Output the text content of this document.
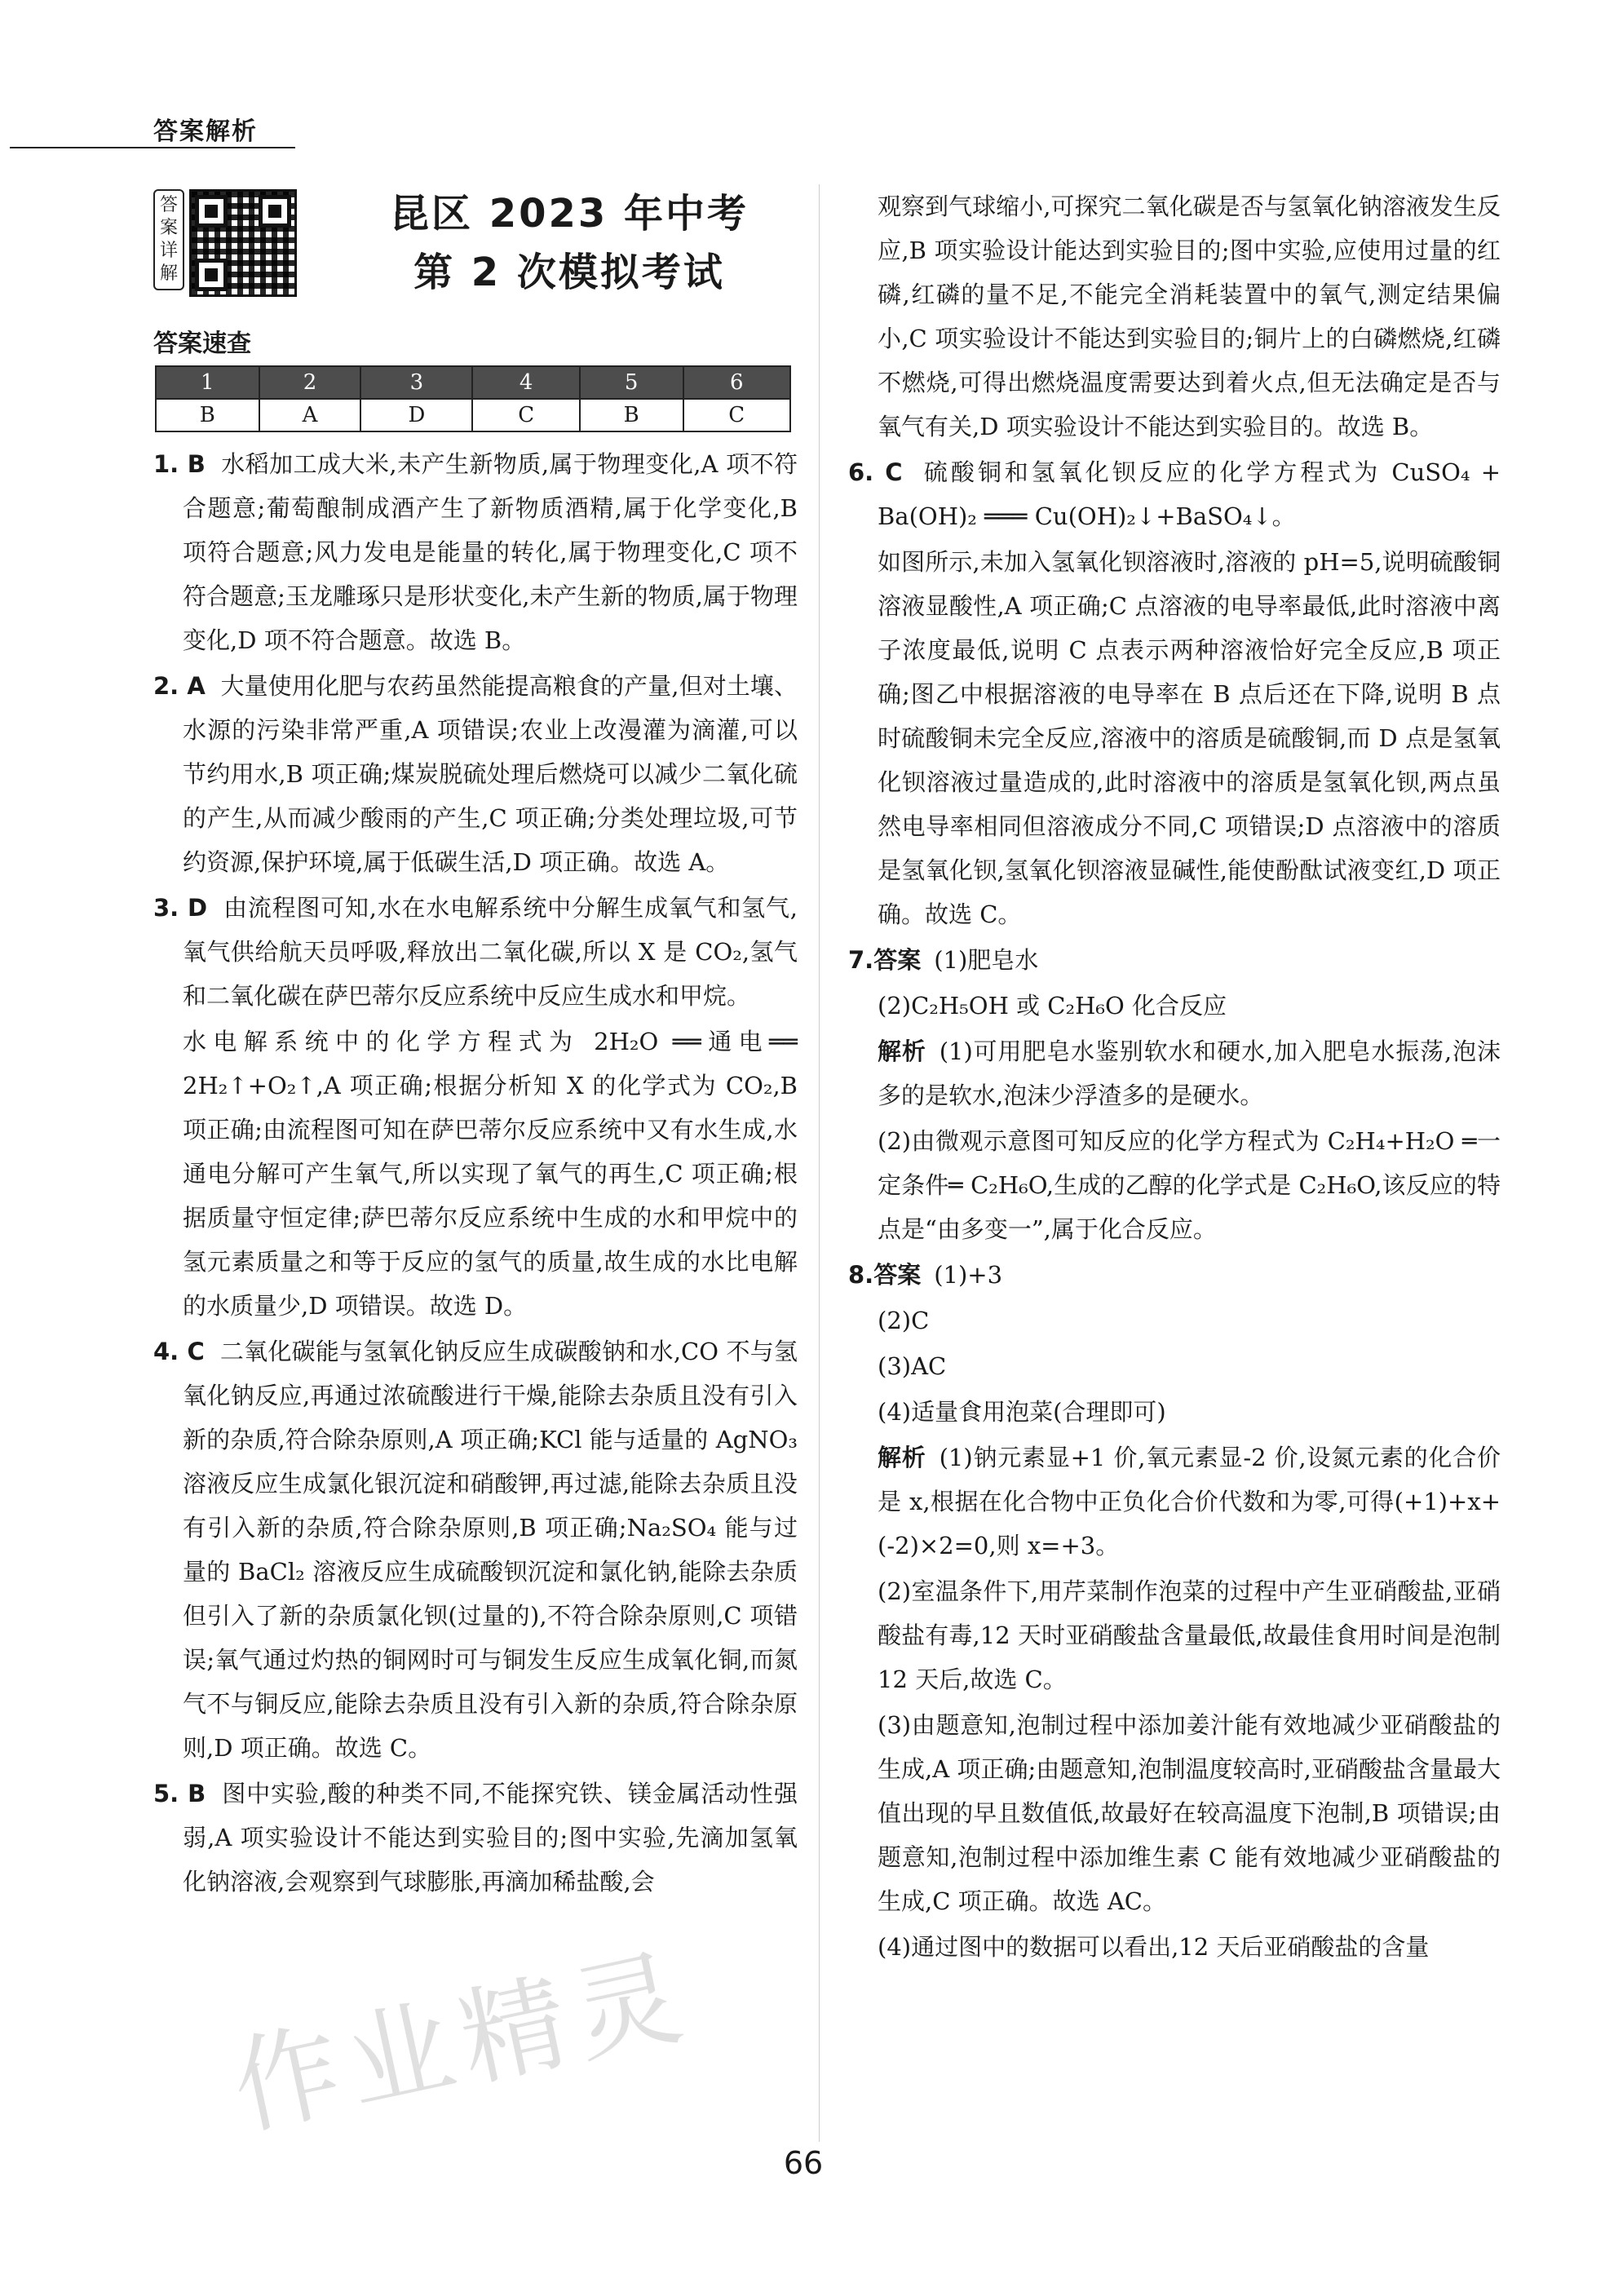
答案解析
答案详解
昆区 2023 年中考
第 2 次模拟考试
答案速查
1	2	3	4	5	6
B	A	D	C	B	C

1. B 水稻加工成大米,未产生新物质,属于物理变化,A 项不符合题意;葡萄酿制成酒产生了新物质酒精,属于化学变化,B 项符合题意;风力发电是能量的转化,属于物理变化,C 项不符合题意;玉龙雕琢只是形状变化,未产生新的物质,属于物理变化,D 项不符合题意。故选 B。

2. A 大量使用化肥与农药虽然能提高粮食的产量,但对土壤、水源的污染非常严重,A 项错误;农业上改漫灌为滴灌,可以节约用水,B 项正确;煤炭脱硫处理后燃烧可以减少二氧化硫的产生,从而减少酸雨的产生,C 项正确;分类处理垃圾,可节约资源,保护环境,属于低碳生活,D 项正确。故选 A。

3. D 由流程图可知,水在水电解系统中分解生成氧气和氢气,氧气供给航天员呼吸,释放出二氧化碳,所以 X 是 CO₂,氢气和二氧化碳在萨巴蒂尔反应系统中反应生成水和甲烷。

水电解系统中的化学方程式为 2H₂O ══通电══ 2H₂↑+O₂↑,A 项正确;根据分析知 X 的化学式为 CO₂,B 项正确;由流程图可知在萨巴蒂尔反应系统中又有水生成,水通电分解可产生氧气,所以实现了氧气的再生,C 项正确;根据质量守恒定律;萨巴蒂尔反应系统中生成的水和甲烷中的氢元素质量之和等于反应的氢气的质量,故生成的水比电解的水质量少,D 项错误。故选 D。

4. C 二氧化碳能与氢氧化钠反应生成碳酸钠和水,CO 不与氢氧化钠反应,再通过浓硫酸进行干燥,能除去杂质且没有引入新的杂质,符合除杂原则,A 项正确;KCl 能与适量的 AgNO₃ 溶液反应生成氯化银沉淀和硝酸钾,再过滤,能除去杂质且没有引入新的杂质,符合除杂原则,B 项正确;Na₂SO₄ 能与过量的 BaCl₂ 溶液反应生成硫酸钡沉淀和氯化钠,能除去杂质但引入了新的杂质氯化钡(过量的),不符合除杂原则,C 项错误;氧气通过灼热的铜网时可与铜发生反应生成氧化铜,而氮气不与铜反应,能除去杂质且没有引入新的杂质,符合除杂原则,D 项正确。故选 C。

5. B 图中实验,酸的种类不同,不能探究铁、镁金属活动性强弱,A 项实验设计不能达到实验目的;图中实验,先滴加氢氧化钠溶液,会观察到气球膨胀,再滴加稀盐酸,会

观察到气球缩小,可探究二氧化碳是否与氢氧化钠溶液发生反应,B 项实验设计能达到实验目的;图中实验,应使用过量的红磷,红磷的量不足,不能完全消耗装置中的氧气,测定结果偏小,C 项实验设计不能达到实验目的;铜片上的白磷燃烧,红磷不燃烧,可得出燃烧温度需要达到着火点,但无法确定是否与氧气有关,D 项实验设计不能达到实验目的。故选 B。

6. C 硫酸铜和氢氧化钡反应的化学方程式为 CuSO₄ + Ba(OH)₂ ═══ Cu(OH)₂↓+BaSO₄↓。

如图所示,未加入氢氧化钡溶液时,溶液的 pH=5,说明硫酸铜溶液显酸性,A 项正确;C 点溶液的电导率最低,此时溶液中离子浓度最低,说明 C 点表示两种溶液恰好完全反应,B 项正确;图乙中根据溶液的电导率在 B 点后还在下降,说明 B 点时硫酸铜未完全反应,溶液中的溶质是硫酸铜,而 D 点是氢氧化钡溶液过量造成的,此时溶液中的溶质是氢氧化钡,两点虽然电导率相同但溶液成分不同,C 项错误;D 点溶液中的溶质是氢氧化钡,氢氧化钡溶液显碱性,能使酚酞试液变红,D 项正确。故选 C。

7.答案 (1)肥皂水

(2)C₂H₅OH 或 C₂H₆O 化合反应

解析 (1)可用肥皂水鉴别软水和硬水,加入肥皂水振荡,泡沫多的是软水,泡沫少浮渣多的是硬水。

(2)由微观示意图可知反应的化学方程式为 C₂H₄+H₂O ═一定条件═ C₂H₆O,生成的乙醇的化学式是 C₂H₆O,该反应的特点是“由多变一”,属于化合反应。

8.答案 (1)+3

(2)C

(3)AC

(4)适量食用泡菜(合理即可)

解析 (1)钠元素显+1 价,氧元素显-2 价,设氮元素的化合价是 x,根据在化合物中正负化合价代数和为零,可得(+1)+x+(-2)×2=0,则 x=+3。

(2)室温条件下,用芹菜制作泡菜的过程中产生亚硝酸盐,亚硝酸盐有毒,12 天时亚硝酸盐含量最低,故最佳食用时间是泡制 12 天后,故选 C。

(3)由题意知,泡制过程中添加姜汁能有效地减少亚硝酸盐的生成,A 项正确;由题意知,泡制温度较高时,亚硝酸盐含量最大值出现的早且数值低,故最好在较高温度下泡制,B 项错误;由题意知,泡制过程中添加维生素 C 能有效地减少亚硝酸盐的生成,C 项正确。故选 AC。

(4)通过图中的数据可以看出,12 天后亚硝酸盐的含量

作业精灵
66
